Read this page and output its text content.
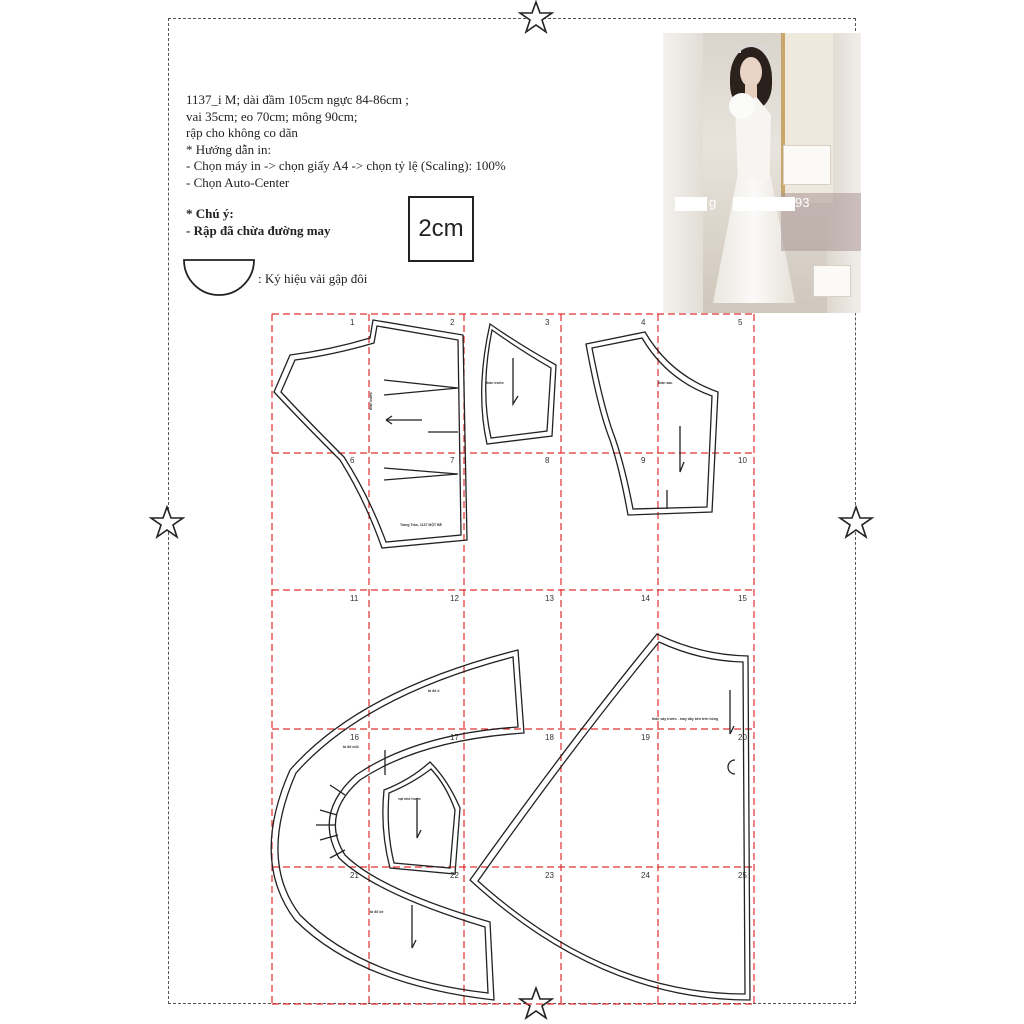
1137_i M; dài đầm 105cm ngực 84-86cm ;
vai 35cm; eo 70cm; mông 90cm;
rập cho không co dãn
* Hướng dẫn in:
- Chọn máy in -> chọn giấy A4 -> chọn tỷ lệ (Scaling): 100%
- Chọn Auto-Center
* Chú ý:
- Rập đã chừa đường may	2cm
: Ký hiệu vải gập đôi
g	93
1	2	3	4	5
6	7	8	9	10
11	12	13	14	15
16	17	18	19	20
21	22	23	24	25
thân trước
Trang Trần, 1137 MỘT BÉ
thân trước	thân sau
thân váy trước - may dây bên trên hông
tà đổ ô
tà đổ mũi
tà đổ bé
vạt nhỏ trước
